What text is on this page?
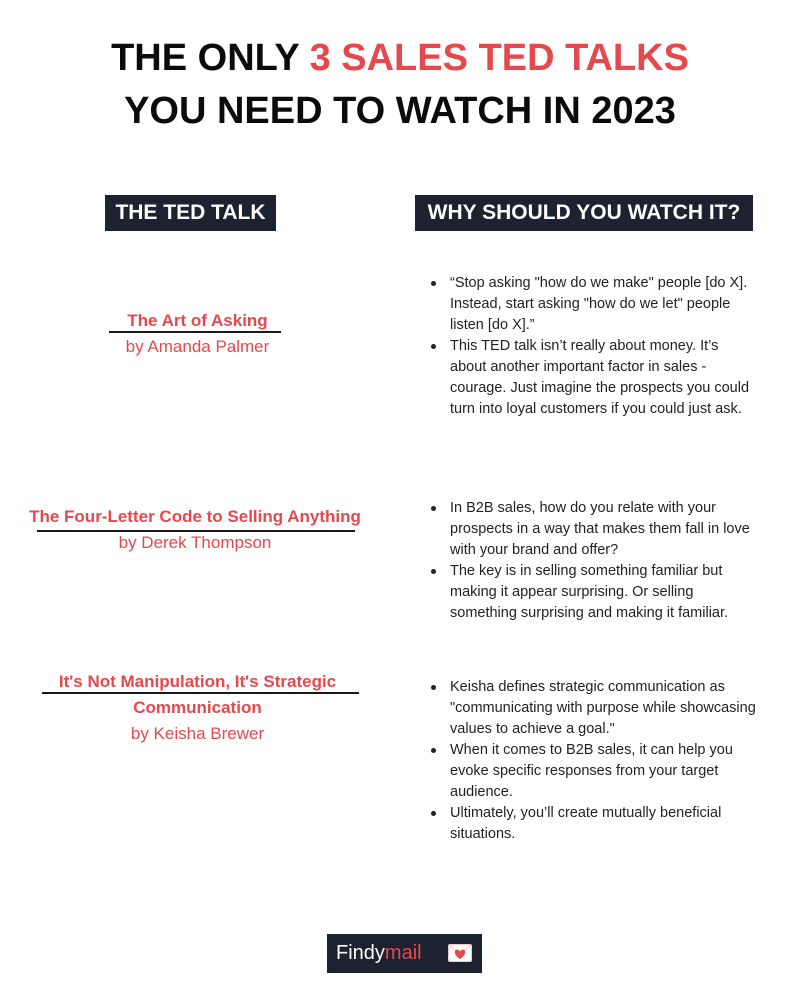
THE ONLY 3 SALES TED TALKS
YOU NEED TO WATCH IN 2023
THE TED TALK	WHY SHOULD YOU WATCH IT?
The Art of Asking
by Amanda Palmer
“Stop asking "how do we make" people [do X]. Instead, start asking "how do we let" people listen [do X].”
This TED talk isn’t really about money. It’s about another important factor in sales - courage. Just imagine the prospects you could turn into loyal customers if you could just ask.
The Four-Letter Code to Selling Anything
by Derek Thompson
In B2B sales, how do you relate with your prospects in a way that makes them fall in love with your brand and offer?
The key is in selling something familiar but making it appear surprising. Or selling something surprising and making it familiar.
It's Not Manipulation, It's Strategic
Communication
by Keisha Brewer
Keisha defines strategic communication as "communicating with purpose while showcasing values to achieve a goal."
When it comes to B2B sales, it can help you evoke specific responses from your target audience.
Ultimately, you’ll create mutually beneficial situations.
Findymail
